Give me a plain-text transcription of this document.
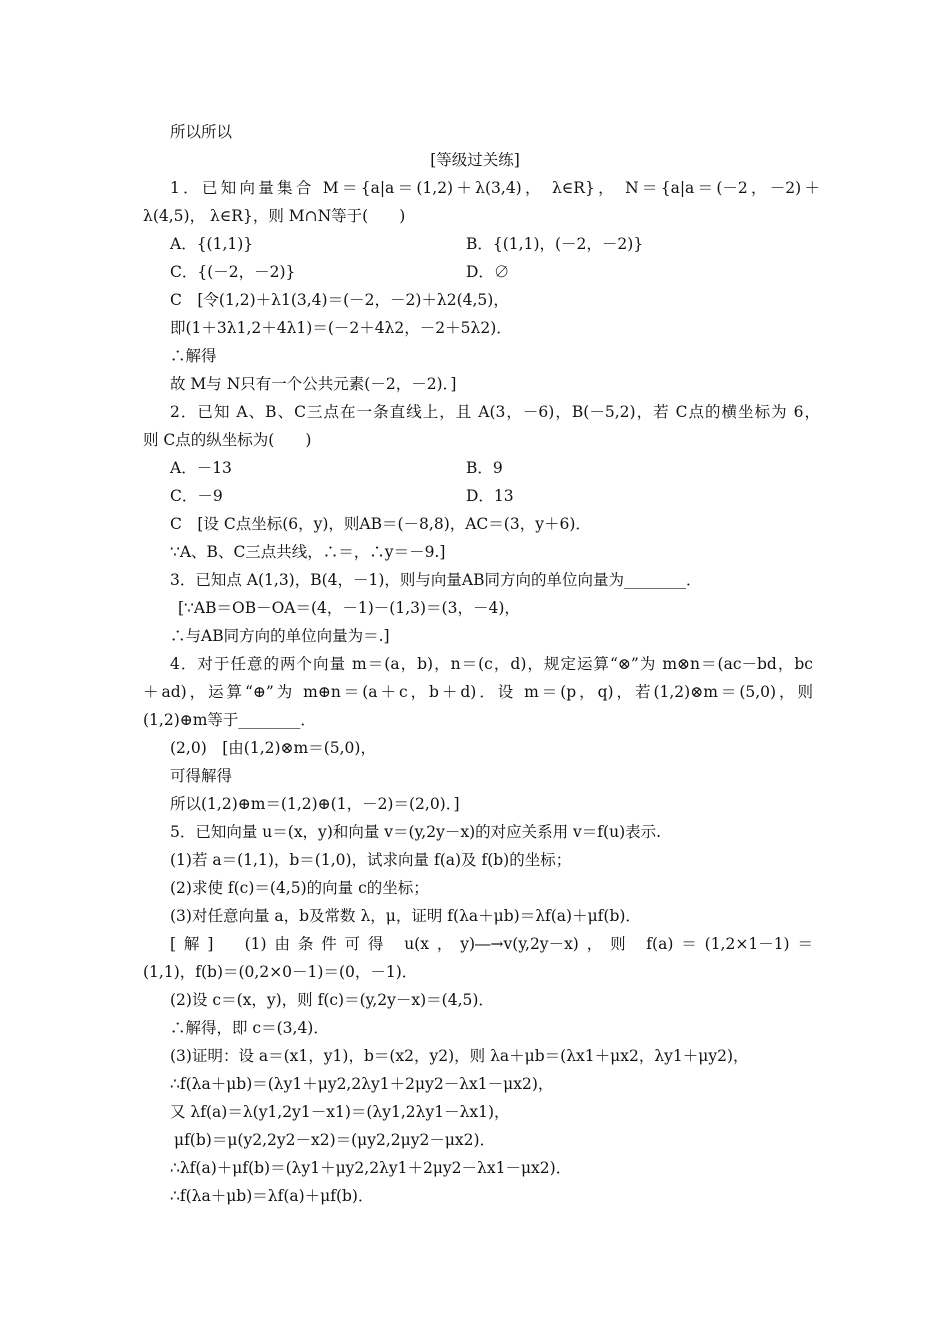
所以所以
[等级过关练]
1．已知向量集合 M＝{a|a＝(1,2)＋λ(3,4)， λ∈R}， N＝{a|a＝(－2，－2)＋
λ(4,5)， λ∈R}，则 M∩N等于(　　)
A．{(1,1)}	B．{(1,1)，(－2，－2)}
C．{(－2，－2)}	D．∅
C　[令(1,2)＋λ1(3,4)＝(－2，－2)＋λ2(4,5)，
即(1＋3λ1,2＋4λ1)＝(－2＋4λ2，－2＋5λ2)．
∴解得
故 M与 N只有一个公共元素(－2，－2)．]
2．已知 A、B、C三点在一条直线上，且 A(3，－6)，B(－5,2)，若 C点的横坐标为 6，
则 C点的纵坐标为(　　)
A．－13	B．9
C．－9	D．13
C　[设 C点坐标(6，y)，则AB＝(－8,8)，AC＝(3，y＋6)．
∵A、B、C三点共线，∴＝，∴y＝－9.]
3．已知点 A(1,3)，B(4，－1)，则与向量AB同方向的单位向量为________．
[∵AB＝OB－OA＝(4，－1)－(1,3)＝(3，－4)，
∴与AB同方向的单位向量为＝.]
4．对于任意的两个向量 m＝(a，b)，n＝(c，d)，规定运算“⊗”为 m⊗n＝(ac－bd，bc
＋ad)，运算“⊕”为 m⊕n＝(a＋c，b＋d)．设 m＝(p，q)，若(1,2)⊗m＝(5,0)，则
(1,2)⊕m等于________．
(2,0)　[由(1,2)⊗m＝(5,0)，
可得解得
所以(1,2)⊕m＝(1,2)⊕(1，－2)＝(2,0)．]
5．已知向量 u＝(x，y)和向量 v＝(y,2y－x)的对应关系用 v＝f(u)表示.
(1)若 a＝(1,1)，b＝(1,0)，试求向量 f(a)及 f(b)的坐标；
(2)求使 f(c)＝(4,5)的向量 c的坐标；
(3)对任意向量 a，b及常数 λ，μ，证明 f(λa＋μb)＝λf(a)＋μf(b)．
[解]　(1)由条件可得 u(x，y)―→v(y,2y－x)，则 f(a)＝(1,2×1－1)＝
(1,1)，f(b)＝(0,2×0－1)＝(0，－1)．
(2)设 c＝(x，y)，则 f(c)＝(y,2y－x)＝(4,5)．
∴解得，即 c＝(3,4)．
(3)证明：设 a＝(x1，y1)，b＝(x2，y2)，则 λa＋μb＝(λx1＋μx2，λy1＋μy2)，
∴f(λa＋μb)＝(λy1＋μy2,2λy1＋2μy2－λx1－μx2)，
又 λf(a)＝λ(y1,2y1－x1)＝(λy1,2λy1－λx1)，
μf(b)＝μ(y2,2y2－x2)＝(μy2,2μy2－μx2)．
∴λf(a)＋μf(b)＝(λy1＋μy2,2λy1＋2μy2－λx1－μx2)．
∴f(λa＋μb)＝λf(a)＋μf(b)．
